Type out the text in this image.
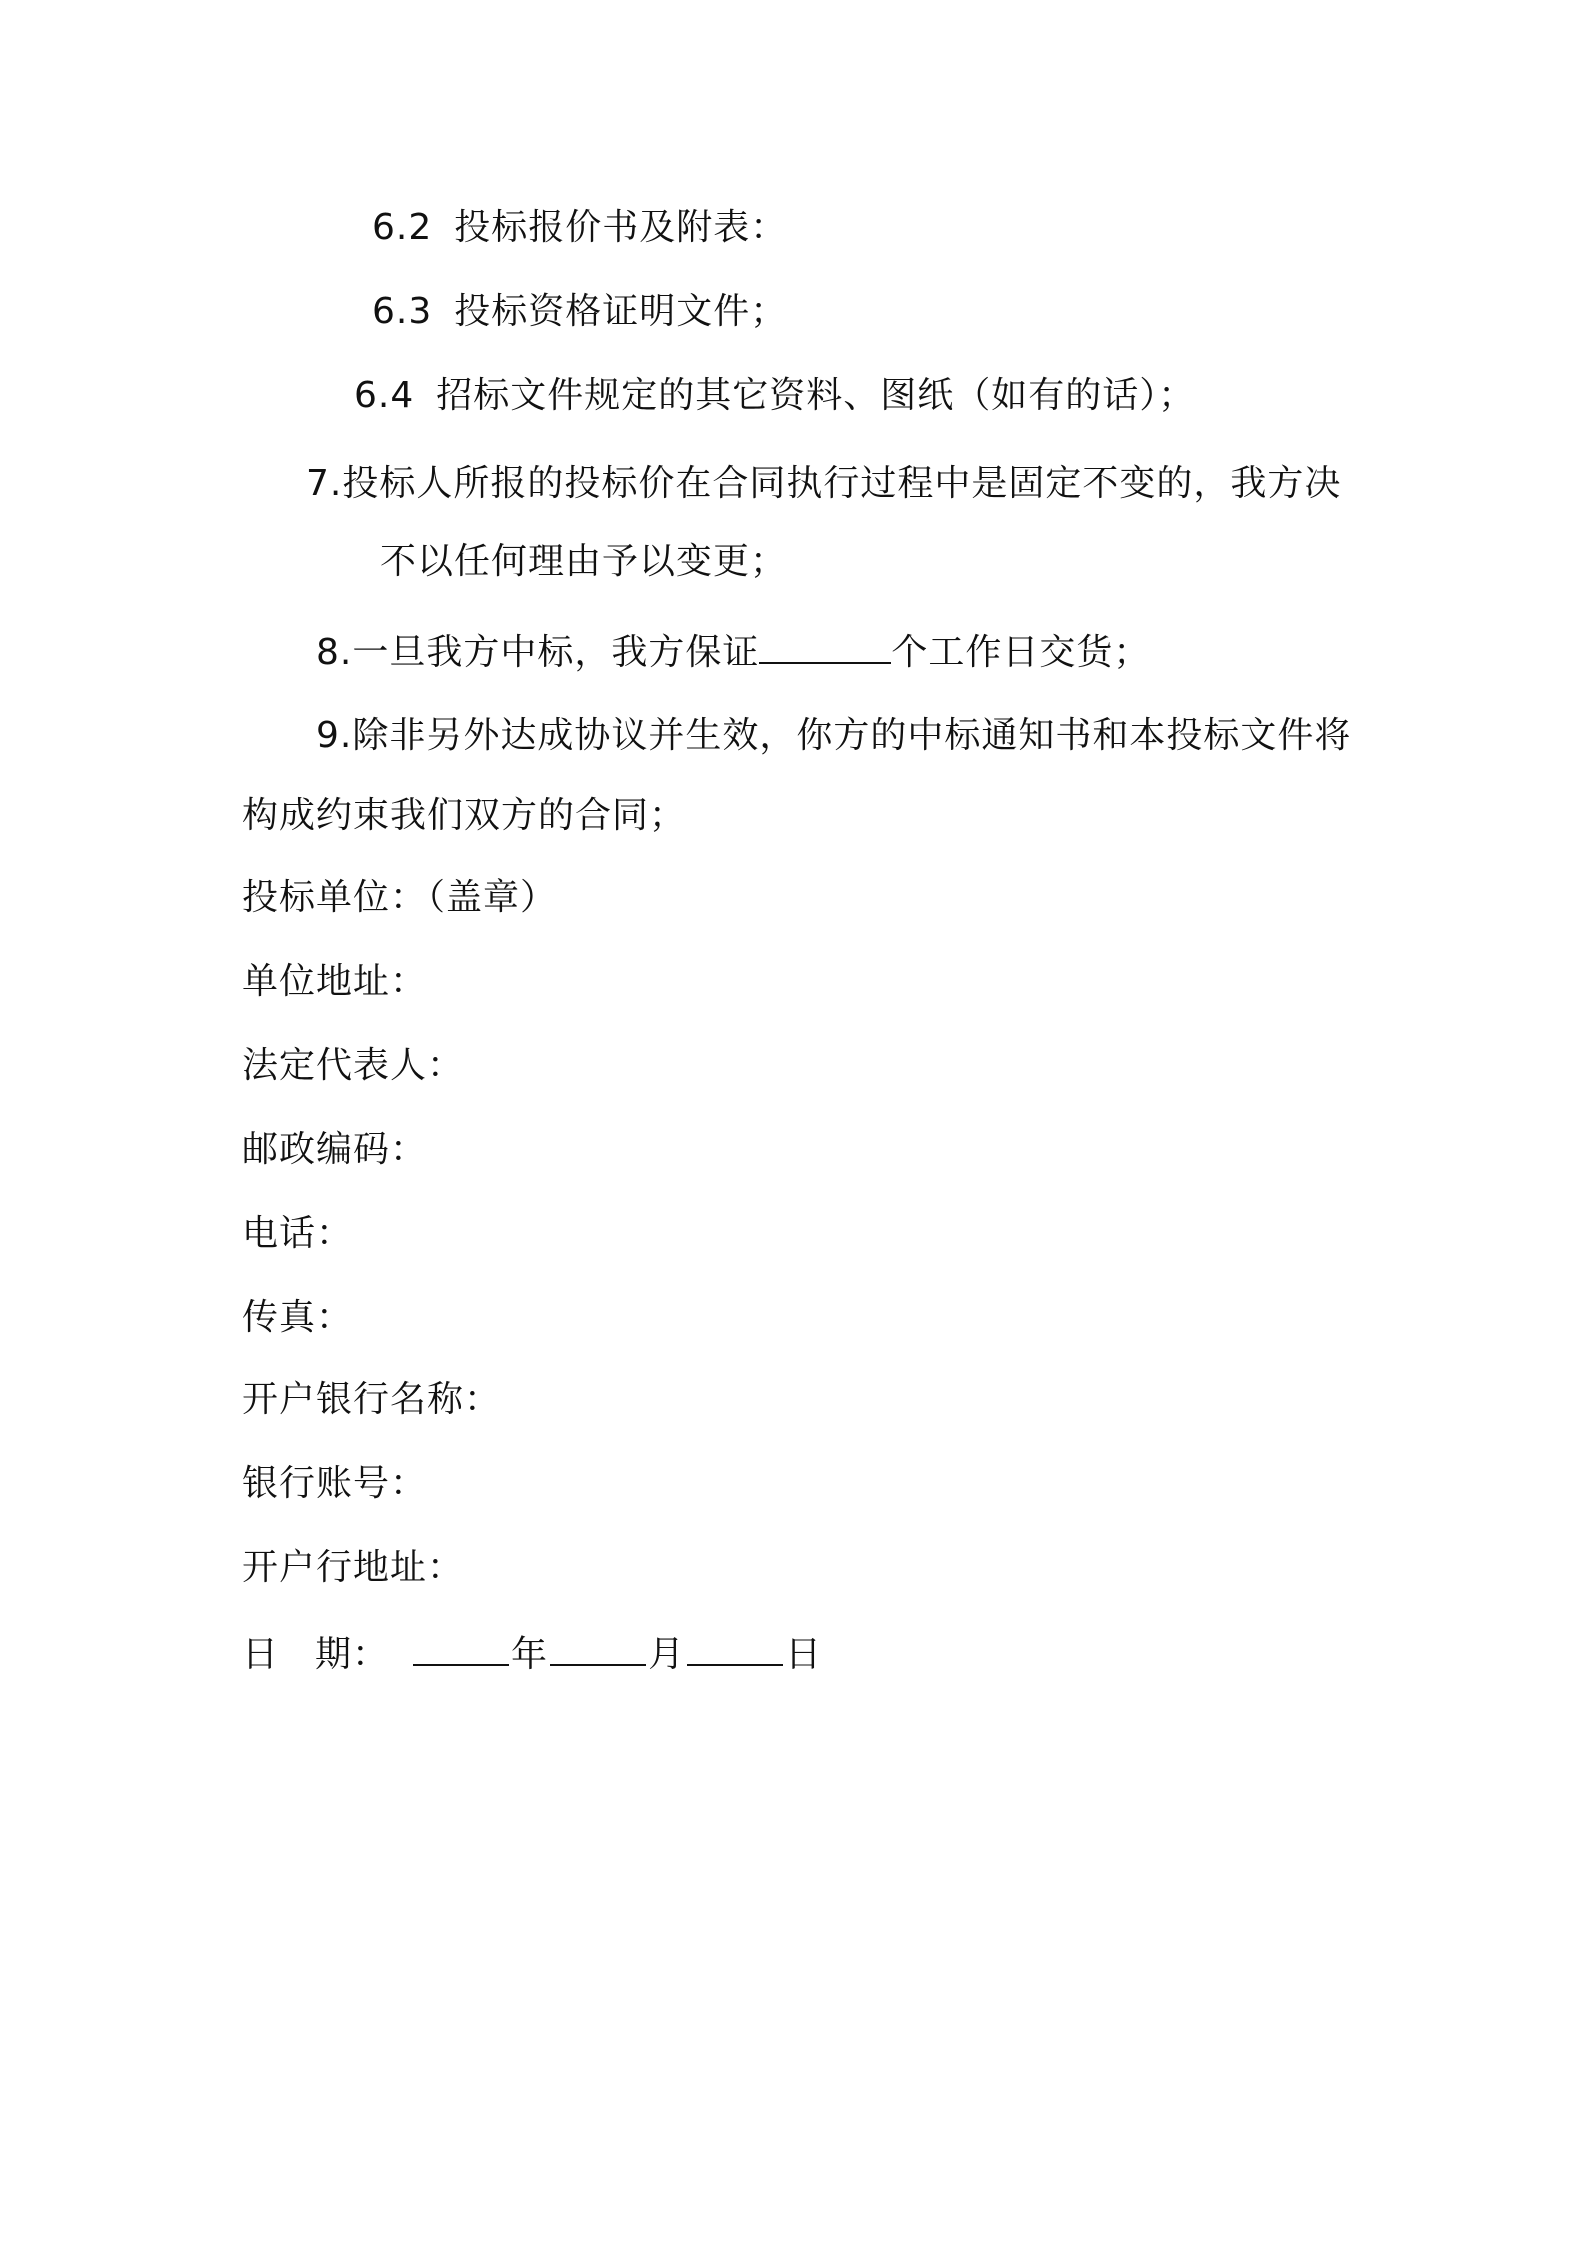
6.2 投标报价书及附表：
6.3 投标资格证明文件；
6.4 招标文件规定的其它资料、图纸（如有的话）；
7.投标人所报的投标价在合同执行过程中是固定不变的，我方决
不以任何理由予以变更；
8.一旦我方中标，我方保证	个工作日交货；
9.除非另外达成协议并生效，你方的中标通知书和本投标文件将
构成约束我们双方的合同；
投标单位：（盖章）
单位地址：
法定代表人：
邮政编码：
电话：
传真：
开户银行名称：
银行账号：
开户行地址：
日 期：	年	月	日
